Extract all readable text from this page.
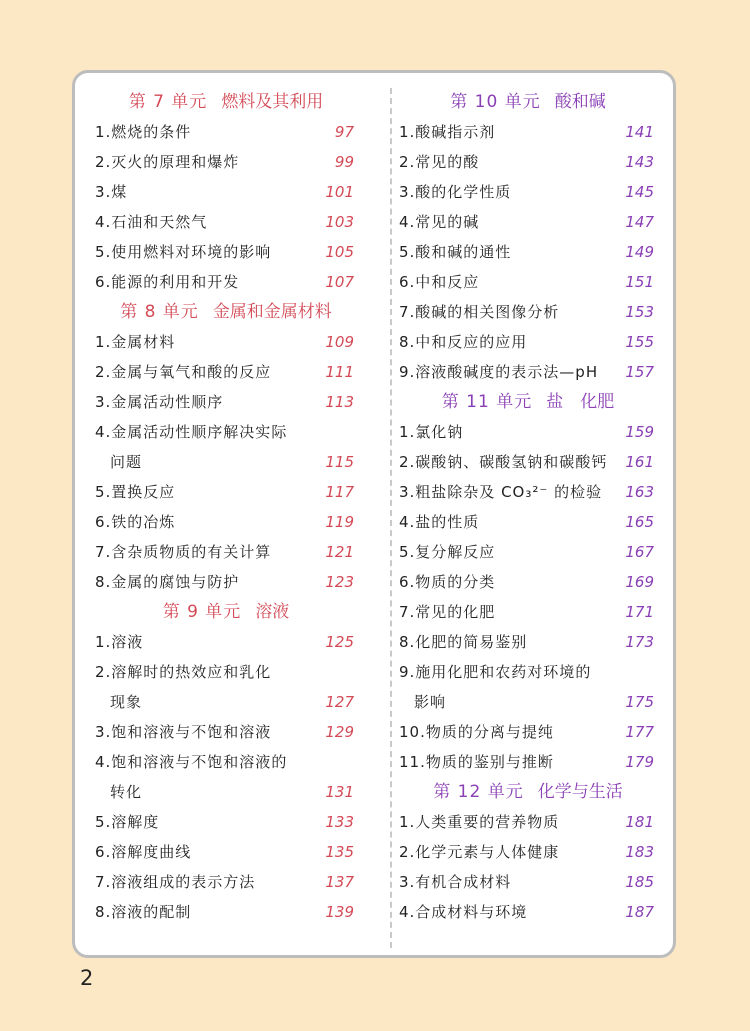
第 7 单元 燃料及其利用
1.燃烧的条件	97
2.灭火的原理和爆炸	99
3.煤	101
4.石油和天然气	103
5.使用燃料对环境的影响	105
6.能源的利用和开发	107
第 8 单元 金属和金属材料
1.金属材料	109
2.金属与氧气和酸的反应	111
3.金属活动性顺序	113
4.金属活动性顺序解决实际
问题	115
5.置换反应	117
6.铁的冶炼	119
7.含杂质物质的有关计算	121
8.金属的腐蚀与防护	123
第 9 单元 溶液
1.溶液	125
2.溶解时的热效应和乳化
现象	127
3.饱和溶液与不饱和溶液	129
4.饱和溶液与不饱和溶液的
转化	131
5.溶解度	133
6.溶解度曲线	135
7.溶液组成的表示方法	137
8.溶液的配制	139
第 10 单元 酸和碱
1.酸碱指示剂	141
2.常见的酸	143
3.酸的化学性质	145
4.常见的碱	147
5.酸和碱的通性	149
6.中和反应	151
7.酸碱的相关图像分析	153
8.中和反应的应用	155
9.溶液酸碱度的表示法—pH 157
第 11 单元 盐　化肥
1.氯化钠	159
2.碳酸钠、碳酸氢钠和碳酸钙 161
3.粗盐除杂及 CO₃²⁻ 的检验 163
4.盐的性质	165
5.复分解反应	167
6.物质的分类	169
7.常见的化肥	171
8.化肥的简易鉴别	173
9.施用化肥和农药对环境的
影响	175
10.物质的分离与提纯	177
11.物质的鉴别与推断	179
第 12 单元 化学与生活
1.人类重要的营养物质	181
2.化学元素与人体健康	183
3.有机合成材料	185
4.合成材料与环境	187
2
